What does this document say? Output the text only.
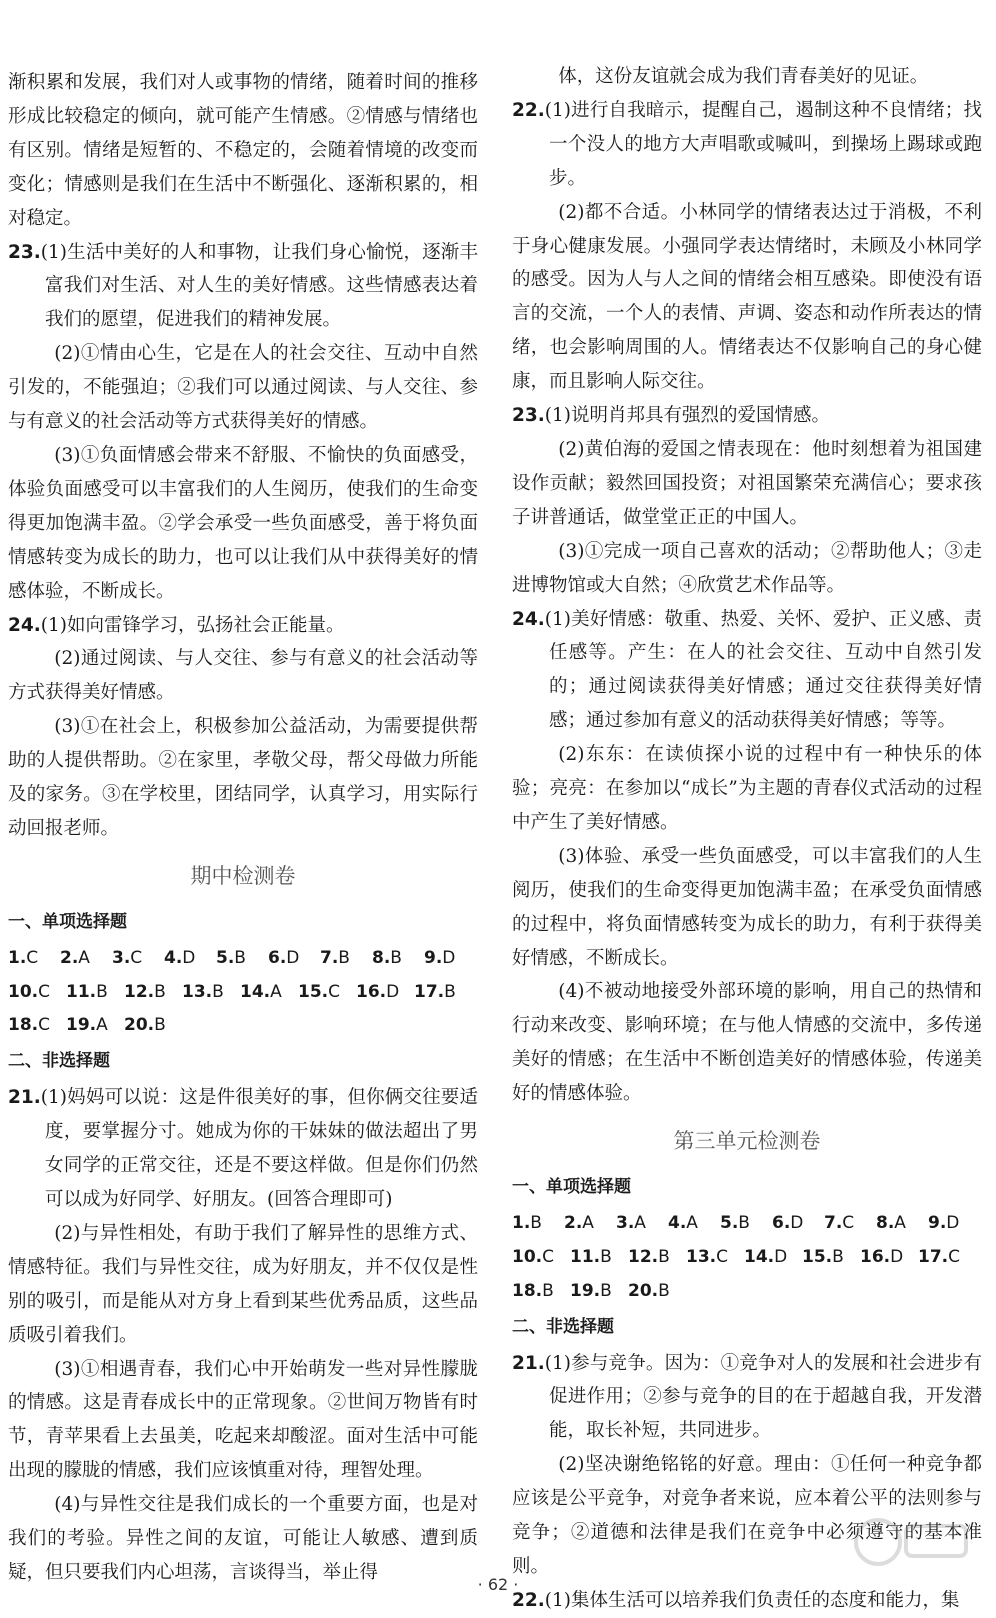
渐积累和发展，我们对人或事物的情绪，随着时间的推移形成比较稳定的倾向，就可能产生情感。②情感与情绪也有区别。情绪是短暂的、不稳定的，会随着情境的改变而变化；情感则是我们在生活中不断强化、逐渐积累的，相对稳定。

23.(1)生活中美好的人和事物，让我们身心愉悦，逐渐丰富我们对生活、对人生的美好情感。这些情感表达着我们的愿望，促进我们的精神发展。

(2)①情由心生，它是在人的社会交往、互动中自然引发的，不能强迫；②我们可以通过阅读、与人交往、参与有意义的社会活动等方式获得美好的情感。

(3)①负面情感会带来不舒服、不愉快的负面感受，体验负面感受可以丰富我们的人生阅历，使我们的生命变得更加饱满丰盈。②学会承受一些负面感受，善于将负面情感转变为成长的助力，也可以让我们从中获得美好的情感体验，不断成长。

24.(1)如向雷锋学习，弘扬社会正能量。

(2)通过阅读、与人交往、参与有意义的社会活动等方式获得美好情感。

(3)①在社会上，积极参加公益活动，为需要提供帮助的人提供帮助。②在家里，孝敬父母，帮父母做力所能及的家务。③在学校里，团结同学，认真学习，用实际行动回报老师。

期中检测卷
一、单项选择题
1.C	2.A	3.C	4.D	5.B	6.D	7.B	8.B	9.D
10.C 11.B 12.B 13.B 14.A 15.C 16.D 17.B
18.C 19.A 20.B
二、非选择题

21.(1)妈妈可以说：这是件很美好的事，但你俩交往要适度，要掌握分寸。她成为你的干妹妹的做法超出了男女同学的正常交往，还是不要这样做。但是你们仍然可以成为好同学、好朋友。(回答合理即可)

(2)与异性相处，有助于我们了解异性的思维方式、情感特征。我们与异性交往，成为好朋友，并不仅仅是性别的吸引，而是能从对方身上看到某些优秀品质，这些品质吸引着我们。

(3)①相遇青春，我们心中开始萌发一些对异性朦胧的情感。这是青春成长中的正常现象。②世间万物皆有时节，青苹果看上去虽美，吃起来却酸涩。面对生活中可能出现的朦胧的情感，我们应该慎重对待，理智处理。

(4)与异性交往是我们成长的一个重要方面，也是对我们的考验。异性之间的友谊，可能让人敏感、遭到质疑，但只要我们内心坦荡，言谈得当，举止得

体，这份友谊就会成为我们青春美好的见证。

22.(1)进行自我暗示，提醒自己，遏制这种不良情绪；找一个没人的地方大声唱歌或喊叫，到操场上踢球或跑步。

(2)都不合适。小林同学的情绪表达过于消极，不利于身心健康发展。小强同学表达情绪时，未顾及小林同学的感受。因为人与人之间的情绪会相互感染。即使没有语言的交流，一个人的表情、声调、姿态和动作所表达的情绪，也会影响周围的人。情绪表达不仅影响自己的身心健康，而且影响人际交往。

23.(1)说明肖邦具有强烈的爱国情感。

(2)黄伯海的爱国之情表现在：他时刻想着为祖国建设作贡献；毅然回国投资；对祖国繁荣充满信心；要求孩子讲普通话，做堂堂正正的中国人。

(3)①完成一项自己喜欢的活动；②帮助他人；③走进博物馆或大自然；④欣赏艺术作品等。

24.(1)美好情感：敬重、热爱、关怀、爱护、正义感、责任感等。产生：在人的社会交往、互动中自然引发的；通过阅读获得美好情感；通过交往获得美好情感；通过参加有意义的活动获得美好情感；等等。

(2)东东：在读侦探小说的过程中有一种快乐的体验；亮亮：在参加以“成长”为主题的青春仪式活动的过程中产生了美好情感。

(3)体验、承受一些负面感受，可以丰富我们的人生阅历，使我们的生命变得更加饱满丰盈；在承受负面情感的过程中，将负面情感转变为成长的助力，有利于获得美好情感，不断成长。

(4)不被动地接受外部环境的影响，用自己的热情和行动来改变、影响环境；在与他人情感的交流中，多传递美好的情感；在生活中不断创造美好的情感体验，传递美好的情感体验。

第三单元检测卷
一、单项选择题
1.B	2.A	3.A	4.A	5.B	6.D	7.C	8.A	9.D
10.C 11.B 12.B 13.C 14.D 15.B 16.D 17.C
18.B 19.B 20.B
二、非选择题

21.(1)参与竞争。因为：①竞争对人的发展和社会进步有促进作用；②参与竞争的目的在于超越自我，开发潜能，取长补短，共同进步。

(2)坚决谢绝铭铭的好意。理由：①任何一种竞争都应该是公平竞争，对竞争者来说，应本着公平的法则参与竞争；②道德和法律是我们在竞争中必须遵守的基本准则。

22.(1)集体生活可以培养我们负责任的态度和能力，集

· 62 ·
